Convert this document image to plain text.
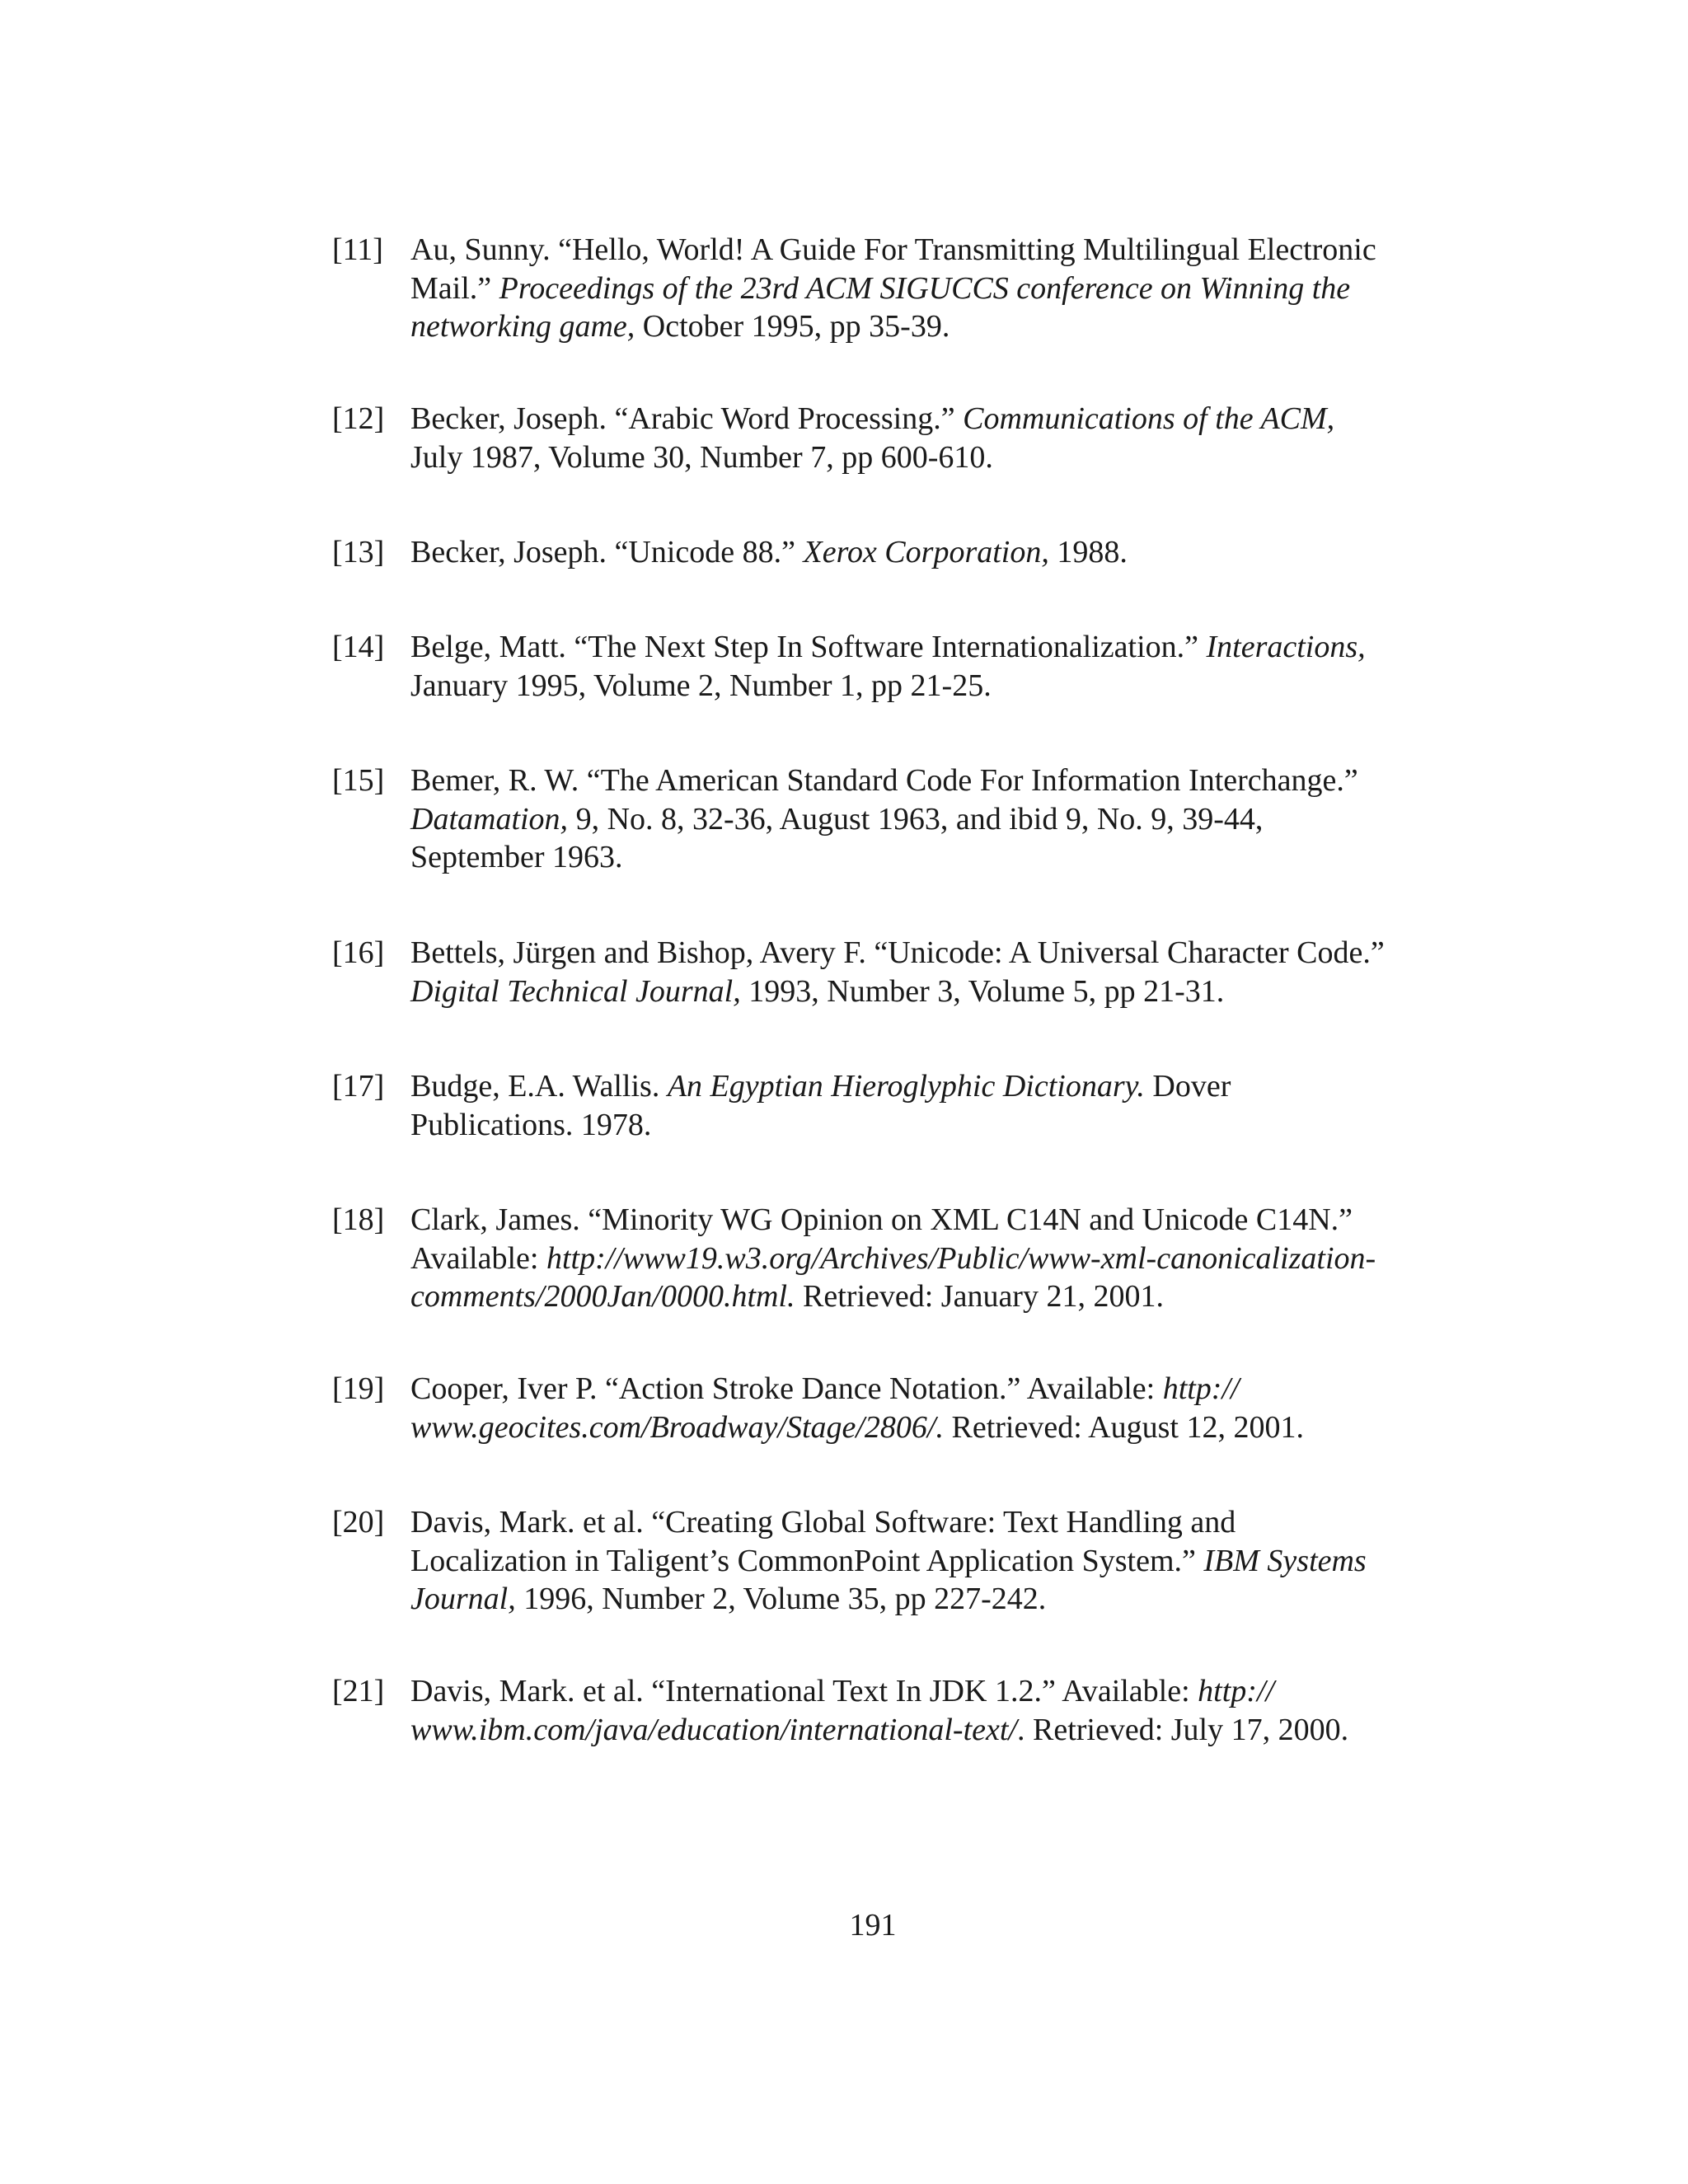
[11] Au, Sunny. “Hello, World! A Guide For Transmitting Multilingual Electronic
Mail.” Proceedings of the 23rd ACM SIGUCCS conference on Winning the
networking game, October 1995, pp 35-39.
[12] Becker, Joseph. “Arabic Word Processing.” Communications of the ACM,
July 1987, Volume 30, Number 7, pp 600-610.
[13] Becker, Joseph. “Unicode 88.” Xerox Corporation, 1988.
[14] Belge, Matt. “The Next Step In Software Internationalization.” Interactions,
January 1995, Volume 2, Number 1, pp 21-25.
[15] Bemer, R. W. “The American Standard Code For Information Interchange.”
Datamation, 9, No. 8, 32-36, August 1963, and ibid 9, No. 9, 39-44,
September 1963.
[16] Bettels, Jürgen and Bishop, Avery F. “Unicode: A Universal Character Code.”
Digital Technical Journal, 1993, Number 3, Volume 5, pp 21-31.
[17] Budge, E.A. Wallis. An Egyptian Hieroglyphic Dictionary. Dover
Publications. 1978.
[18] Clark, James. “Minority WG Opinion on XML C14N and Unicode C14N.”
Available: http://www19.w3.org/Archives/Public/www-xml-canonicalization-
comments/2000Jan/0000.html. Retrieved: January 21, 2001.
[19] Cooper, Iver P. “Action Stroke Dance Notation.” Available: http://
www.geocites.com/Broadway/Stage/2806/. Retrieved: August 12, 2001.
[20] Davis, Mark. et al. “Creating Global Software: Text Handling and
Localization in Taligent’s CommonPoint Application System.” IBM Systems
Journal, 1996, Number 2, Volume 35, pp 227-242.
[21] Davis, Mark. et al. “International Text In JDK 1.2.” Available: http://
www.ibm.com/java/education/international-text/. Retrieved: July 17, 2000.
191
